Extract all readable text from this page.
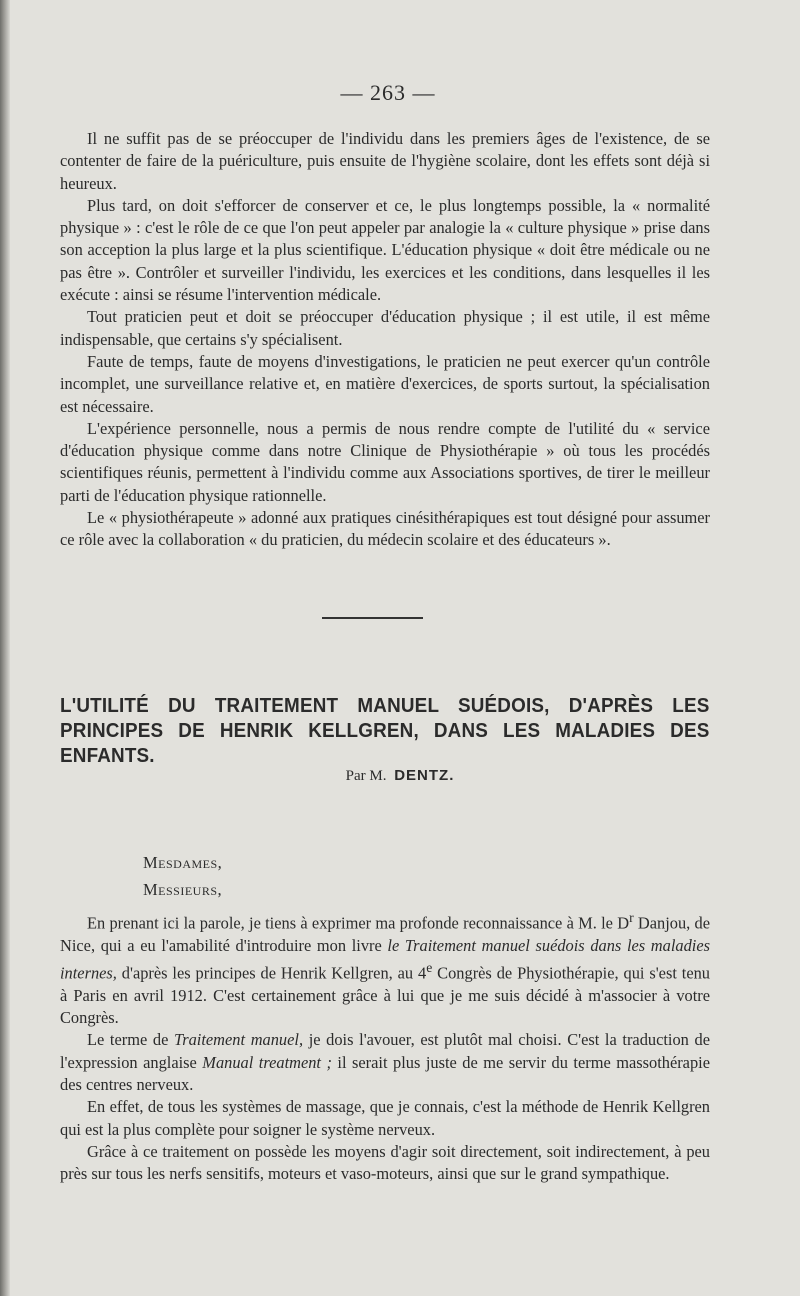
— 263 —

Il ne suffit pas de se préoccuper de l'individu dans les premiers âges de l'existence, de se contenter de faire de la puériculture, puis ensuite de l'hygiène scolaire, dont les effets sont déjà si heureux.

Plus tard, on doit s'efforcer de conserver et ce, le plus longtemps possible, la « normalité physique » : c'est le rôle de ce que l'on peut appeler par analogie la « culture physique » prise dans son acception la plus large et la plus scientifique. L'éducation physique « doit être médicale ou ne pas être ». Contrôler et surveiller l'individu, les exercices et les conditions, dans lesquelles il les exécute : ainsi se résume l'intervention médicale.

Tout praticien peut et doit se préoccuper d'éducation physique ; il est utile, il est même indispensable, que certains s'y spécialisent.

Faute de temps, faute de moyens d'investigations, le praticien ne peut exercer qu'un contrôle incomplet, une surveillance relative et, en matière d'exercices, de sports surtout, la spécialisation est nécessaire.

L'expérience personnelle, nous a permis de nous rendre compte de l'utilité du « service d'éducation physique comme dans notre Clinique de Physiothérapie » où tous les procédés scientifiques réunis, permettent à l'individu comme aux Associations sportives, de tirer le meilleur parti de l'éducation physique rationnelle.

Le « physiothérapeute » adonné aux pratiques cinésithérapiques est tout désigné pour assumer ce rôle avec la collaboration « du praticien, du médecin scolaire et des éducateurs ».

L'UTILITÉ DU TRAITEMENT MANUEL SUÉDOIS, D'APRÈS LES PRINCIPES DE HENRIK KELLGREN, DANS LES MALADIES DES ENFANTS.
Par M. DENTZ.
Mesdames,
Messieurs,

En prenant ici la parole, je tiens à exprimer ma profonde reconnaissance à M. le $D^r$ Danjou, de Nice, qui a eu l'amabilité d'introduire mon livre le Traitement manuel suédois dans les maladies internes, d'après les principes de Henrik Kellgren, au 4e Congrès de Physiothérapie, qui s'est tenu à Paris en avril 1912. C'est certainement grâce à lui que je me suis décidé à m'associer à votre Congrès.

Le terme de Traitement manuel, je dois l'avouer, est plutôt mal choisi. C'est la traduction de l'expression anglaise Manual treatment ; il serait plus juste de me servir du terme massothérapie des centres nerveux.

En effet, de tous les systèmes de massage, que je connais, c'est la méthode de Henrik Kellgren qui est la plus complète pour soigner le système nerveux.

Grâce à ce traitement on possède les moyens d'agir soit directement, soit indirectement, à peu près sur tous les nerfs sensitifs, moteurs et vaso-moteurs, ainsi que sur le grand sympathique.
